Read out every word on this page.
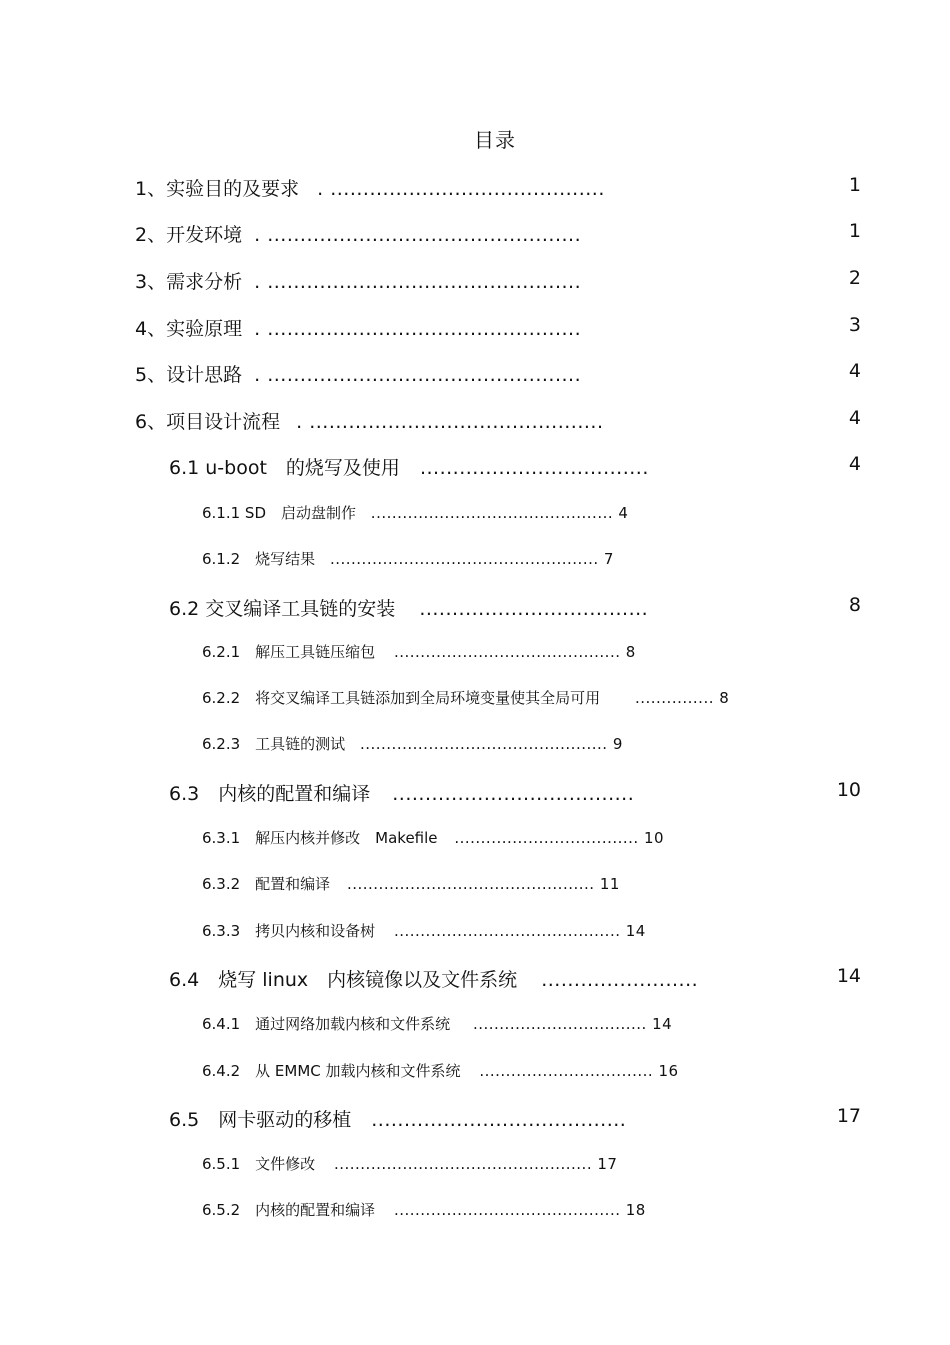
目录
1、实验目的及要求 . ..........................................	1
2、开发环境 . ................................................	1
3、需求分析 . ................................................	2
4、实验原理 . ................................................	3
5、设计思路 . ................................................	4
6、项目设计流程 . .............................................	4
6.1 u-boot　的烧写及使用 ...................................	4
6.1.1 SD　启动盘制作 .............................................. 4
6.1.2　烧写结果 ................................................... 7
6.2 交叉编译工具链的安装 ...................................	8
6.2.1　解压工具链压缩包 ........................................... 8
6.2.2　将交叉编译工具链添加到全局环境变量使其全局可用 ............... 8
6.2.3　工具链的测试 ............................................... 9
6.3　内核的配置和编译 .....................................	10
6.3.1　解压内核并修改　Makefile ................................... 10
6.3.2　配置和编译 ............................................... 11
6.3.3　拷贝内核和设备树 ........................................... 14
6.4　烧写 linux　内核镜像以及文件系统 ........................	14
6.4.1　通过网络加载内核和文件系统 ................................. 14
6.4.2　从 EMMC 加载内核和文件系统 ................................. 16
6.5　网卡驱动的移植 .......................................	17
6.5.1　文件修改 ................................................. 17
6.5.2　内核的配置和编译 ........................................... 18
